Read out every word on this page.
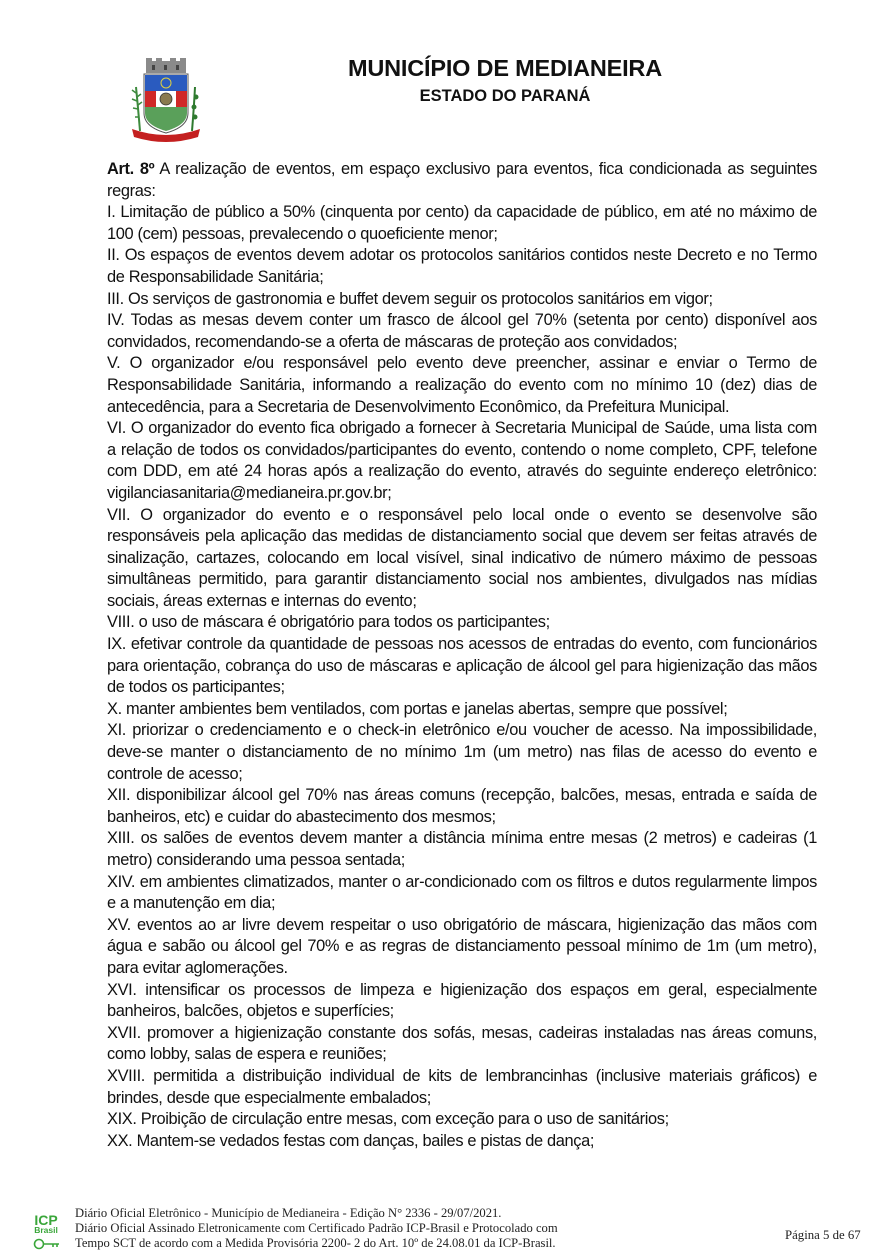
MUNICÍPIO DE MEDIANEIRA
ESTADO DO PARANÁ

Art. 8º A realização de eventos, em espaço exclusivo para eventos, fica condicionada as seguintes regras:

I. Limitação de público a 50% (cinquenta por cento) da capacidade de público, em até no máximo de 100 (cem) pessoas, prevalecendo o quoeficiente menor;

II. Os espaços de eventos devem adotar os protocolos sanitários contidos neste Decreto e no Termo de Responsabilidade Sanitária;

III. Os serviços de gastronomia e buffet devem seguir os protocolos sanitários em vigor;

IV. Todas as mesas devem conter um frasco de álcool gel 70% (setenta por cento) disponível aos convidados, recomendando-se a oferta de máscaras de proteção aos convidados;

V. O organizador e/ou responsável pelo evento deve preencher, assinar e enviar o Termo de Responsabilidade Sanitária, informando a realização do evento com no mínimo 10 (dez) dias de antecedência, para a Secretaria de Desenvolvimento Econômico, da Prefeitura Municipal.

VI. O organizador do evento fica obrigado a fornecer à Secretaria Municipal de Saúde, uma lista com a relação de todos os convidados/participantes do evento, contendo o nome completo, CPF, telefone com DDD, em até 24 horas após a realização do evento, através do seguinte endereço eletrônico: vigilanciasanitaria@medianeira.pr.gov.br;

VII. O organizador do evento e o responsável pelo local onde o evento se desenvolve são responsáveis pela aplicação das medidas de distanciamento social que devem ser feitas através de sinalização, cartazes, colocando em local visível, sinal indicativo de número máximo de pessoas simultâneas permitido, para garantir distanciamento social nos ambientes, divulgados nas mídias sociais, áreas externas e internas do evento;

VIII. o uso de máscara é obrigatório para todos os participantes;

IX. efetivar controle da quantidade de pessoas nos acessos de entradas do evento, com funcionários para orientação, cobrança do uso de máscaras e aplicação de álcool gel para higienização das mãos de todos os participantes;

X. manter ambientes bem ventilados, com portas e janelas abertas, sempre que possível;

XI. priorizar o credenciamento e o check-in eletrônico e/ou voucher de acesso. Na impossibilidade, deve-se manter o distanciamento de no mínimo 1m (um metro) nas filas de acesso do evento e controle de acesso;

XII. disponibilizar álcool gel 70% nas áreas comuns (recepção, balcões, mesas, entrada e saída de banheiros, etc) e cuidar do abastecimento dos mesmos;

XIII. os salões de eventos devem manter a distância mínima entre mesas (2 metros) e cadeiras (1 metro) considerando uma pessoa sentada;

XIV. em ambientes climatizados, manter o ar-condicionado com os filtros e dutos regularmente limpos e a manutenção em dia;

XV. eventos ao ar livre devem respeitar o uso obrigatório de máscara, higienização das mãos com água e sabão ou álcool gel 70% e as regras de distanciamento pessoal mínimo de 1m (um metro), para evitar aglomerações.

XVI. intensificar os processos de limpeza e higienização dos espaços em geral, especialmente banheiros, balcões, objetos e superfícies;

XVII. promover a higienização constante dos sofás, mesas, cadeiras instaladas nas áreas comuns, como lobby, salas de espera e reuniões;

XVIII. permitida a distribuição individual de kits de lembrancinhas (inclusive materiais gráficos) e brindes, desde que especialmente embalados;

XIX. Proibição de circulação entre mesas, com exceção para o uso de sanitários;

XX. Mantem-se vedados festas com danças, bailes e pistas de dança;

ICP
Brasil
Diário Oficial Eletrônico - Município de Medianeira - Edição N° 2336 - 29/07/2021.
Diário Oficial Assinado Eletronicamente com Certificado Padrão ICP-Brasil e Protocolado com
Tempo SCT de acordo com a Medida Provisória 2200- 2 do Art. 10º de 24.08.01 da ICP-Brasil.
Página 5 de 67
